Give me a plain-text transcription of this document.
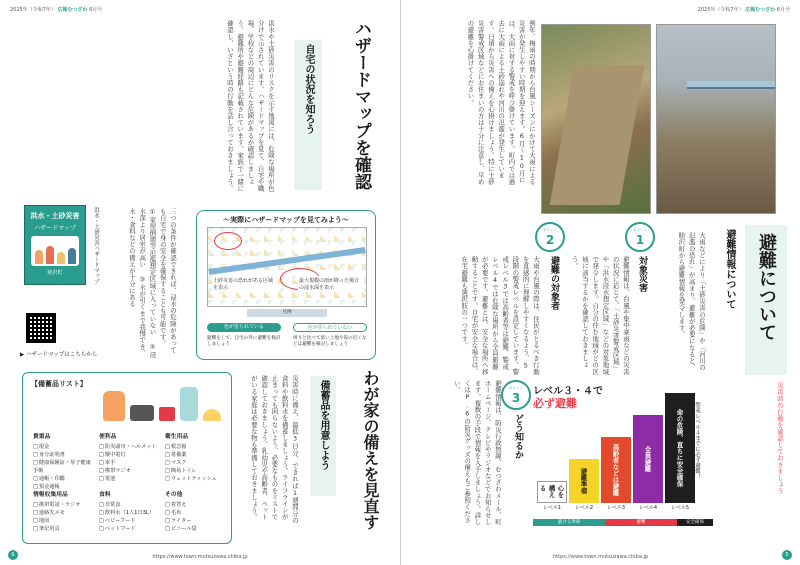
2025年（令和7年） 広報むつざわ 6月号
洪水や土砂災害のリスクを示す地図には、危険な場所が色分けで示されています。ハザードマップを見て、自宅や職場、学校などの周辺にどんな危険があるか確認しましょう。避難所や避難経路も記載されています。家族で一緒に確認し、いざという時の行動を話し合っておきましょう。	自宅の状況を知ろう	ハザードマップを確認
洪水・土砂災害
ハザードマップ
睦沢町	洪水・土砂災害ハザードマップ
▶ ハザードマップはこちらから
三つの条件が確認できれば、浸水の危険があっても自宅で身の安全を確保することも可能です。 ①家屋倒壊等氾濫想定区域に入っていない ②浸水深より居室が高い ③水が引くまで我慢でき、水・食料などの備えが十分にある	〜実際にハザードマップを見てみよう〜
土砂災害の恐れがある区域を表示
最大規模の雨が降った場合の浸水深を表示
凡例
色が塗られている	色が塗られていない
避難をして、自宅の外に避難を検討しましょう
周りと比べて低い土地や崖の近くなどは避難を検討しましょう
【備蓄品リスト】
貴重品
□ 現金
□ 身分証明書
□ 健康保険証・母子健康手帳
□ 通帳・印鑑
□ 預金通帳
便利品
□ 防災頭巾・ヘルメット
□ 懐中電灯
□ 軍手
□ 携帯ラジオ
□ 電池
衛生用品
□ 救急箱
□ 常備薬
□ マスク
□ 簡易トイレ
□ ウェットティッシュ
情報収集用品
□ 携帯電話・ラジオ
□ 連絡先メモ
□ 地図
□ 筆記用具
食料
□ 非常食
□ 飲料水（1人1日3L）
□ ベビーフード
□ ペットフード
その他
□ 着替え
□ 毛布
□ ライター
□ ビニール袋
災害時に備え、最低3日分、できれば1週間分の食料や飲料水を備蓄しましょう。ライフラインが止まっても困らないよう、必要なものをリストで確認しておきましょう。乳幼児や高齢者、ペットがいる家庭は必要な物も準備しておきましょう。	備蓄品を用意しよう	わが家の備えを見直す
6	https://www.town.mutsuzawa.chiba.jp
2025年（令和7年） 広報むつざわ 6月号
例年、梅雨の時期から台風シーズンにかけて大雨による災害が発生しやすい時期を迎えます。6月〜10月には、大雨に対する警戒を呼び掛けています。町内では過去に大雨による土砂崩れや河川の氾濫が発生しています。日頃から災害への備えを心掛けましょう。特に土砂災害警戒区域などにお住まいの方は十分に注意し、早めの避難を心掛けてください。
避難について
避難情報について
大雨などにより「土砂災害の危険」や「河川の氾濫の恐れ」が高まり、避難が必要になると、睦沢町から避難情報を発令します。
ポイント
1
対象災害
避難情報は、台風や集中豪雨などの災害の状況に応じて、「土砂災害警戒区域」や「洪水浸水想定区域」などの対象地域で発令します。自分の住む地域がどの区域に該当するかを確認しておきましょう。
ポイント
2
避難の対象者
大雨や台風の際は、住民がとるべき行動を直感的に理解しやすくなるよう、5段階の警戒レベルを設定しています。警戒レベル3では高齢者等は避難、警戒レベル4では危険な場所から全員避難が必要です。避難とは、安全な場所へ移動することです。自宅が安全な場合は、在宅避難も選択肢の一つです。
ポイント
3
どう知るか
避難情報は、防災行政無線、むつざわメール、町ホームページ、テレビやラジオなどでお知らせします。複数の手段で情報を入手しましょう。詳しくはP.6の防災グッズの備えもご参照ください。	レベル３・４で
必ず避難
心を構える
レベル1
避難準備
レベル2
高齢者などは避難
レベル3
全員避難
レベル4
命の危険、直ちに安全確保
レベル5
警戒レベル４までに必ず避難！
避ける準備	避難	安全確保
災害時の行動を確認しておきましょう
5
https://www.town.mutsuzawa.chiba.jp
